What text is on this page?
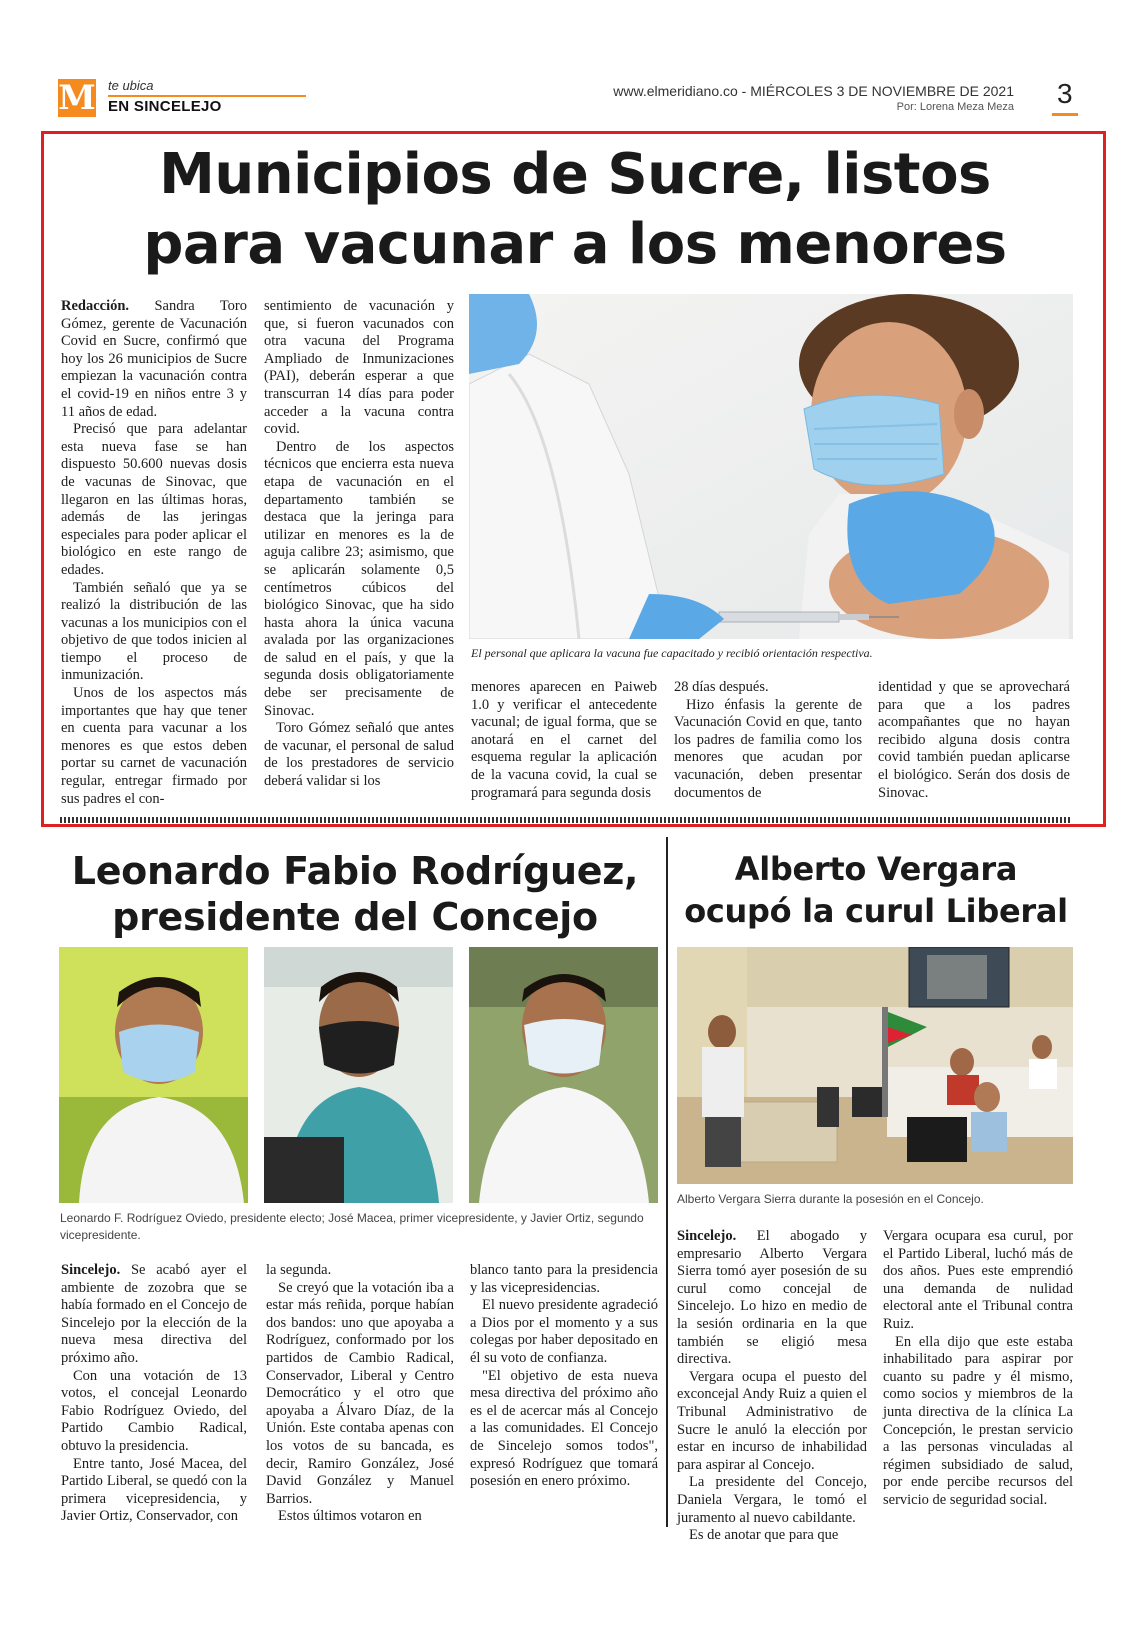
M te ubica
EN SINCELEJO
www.elmeridiano.co - MIÉRCOLES 3 DE NOVIEMBRE DE 2021
Por: Lorena Meza Meza 3
Municipios de Sucre, listos
para vacunar a los menores

Redacción. Sandra Toro Gómez, gerente de Vacunación Covid en Sucre, confirmó que hoy los 26 municipios de Sucre empiezan la vacunación contra el covid-19 en niños entre 3 y 11 años de edad.

Precisó que para adelantar esta nueva fase se han dispuesto 50.600 nuevas dosis de vacunas de Sinovac, que llegaron en las últimas horas, además de las jeringas especiales para poder aplicar el biológico en este rango de edades.

También señaló que ya se realizó la distribución de las vacunas a los municipios con el objetivo de que todos inicien al tiempo el proceso de inmunización.

Unos de los aspectos más importantes que hay que tener en cuenta para vacunar a los menores es que estos deben portar su carnet de vacunación regular, entregar firmado por sus padres el con-

sentimiento de vacunación y que, si fueron vacunados con otra vacuna del Programa Ampliado de Inmunizaciones (PAI), deberán esperar a que transcurran 14 días para poder acceder a la vacuna contra covid.

Dentro de los aspectos técnicos que encierra esta nueva etapa de vacunación en el departamento también se destaca que la jeringa para utilizar en menores es la de aguja calibre 23; asimismo, que se aplicarán solamente 0,5 centímetros cúbicos del biológico Sinovac, que ha sido hasta ahora la única vacuna avalada por las organizaciones de salud en el país, y que la segunda dosis obligatoriamente debe ser precisamente de Sinovac.

Toro Gómez señaló que antes de vacunar, el personal de salud de los prestadores de servicio deberá validar si los

El personal que aplicara la vacuna fue capacitado y recibió orientación respectiva.

menores aparecen en Paiweb 1.0 y verificar el antecedente vacunal; de igual forma, que se anotará en el carnet del esquema regular la aplicación de la vacuna covid, la cual se programará para segunda dosis

28 días después.

Hizo énfasis la gerente de Vacunación Covid en que, tanto los padres de familia como los menores que acudan por vacunación, deben presentar documentos de

identidad y que se aprovechará para que a los padres acompañantes que no hayan recibido alguna dosis contra covid también puedan aplicarse el biológico. Serán dos dosis de Sinovac.

Leonardo Fabio Rodríguez,
presidente del Concejo
Leonardo F. Rodríguez Oviedo, presidente electo; José Macea, primer vicepresidente, y Javier Ortiz, segundo vicepresidente.

Sincelejo. Se acabó ayer el ambiente de zozobra que se había formado en el Concejo de Sincelejo por la elección de la nueva mesa directiva del próximo año.

Con una votación de 13 votos, el concejal Leonardo Fabio Rodríguez Oviedo, del Partido Cambio Radical, obtuvo la presidencia.

Entre tanto, José Macea, del Partido Liberal, se quedó con la primera vicepresidencia, y Javier Ortiz, Conservador, con

la segunda.

Se creyó que la votación iba a estar más reñida, porque habían dos bandos: uno que apoyaba a Rodríguez, conformado por los partidos de Cambio Radical, Conservador, Liberal y Centro Democrático y el otro que apoyaba a Álvaro Díaz, de la Unión. Este contaba apenas con los votos de su bancada, es decir, Ramiro González, José David González y Manuel Barrios.

Estos últimos votaron en

blanco tanto para la presidencia y las vicepresidencias.

El nuevo presidente agradeció a Dios por el momento y a sus colegas por haber depositado en él su voto de confianza.

"El objetivo de esta nueva mesa directiva del próximo año es el de acercar más al Concejo a las comunidades. El Concejo de Sincelejo somos todos", expresó Rodríguez que tomará posesión en enero próximo.

Alberto Vergara
ocupó la curul Liberal
Alberto Vergara Sierra durante la posesión en el Concejo.

Sincelejo. El abogado y empresario Alberto Vergara Sierra tomó ayer posesión de su curul como concejal de Sincelejo. Lo hizo en medio de la sesión ordinaria en la que también se eligió mesa directiva.

Vergara ocupa el puesto del exconcejal Andy Ruiz a quien el Tribunal Administrativo de Sucre le anuló la elección por estar en incurso de inhabilidad para aspirar al Concejo.

La presidente del Concejo, Daniela Vergara, le tomó el juramento al nuevo cabildante.

Es de anotar que para que

Vergara ocupara esa curul, por el Partido Liberal, luchó más de dos años. Pues este emprendió una demanda de nulidad electoral ante el Tribunal contra Ruiz.

En ella dijo que este estaba inhabilitado para aspirar por cuanto su padre y él mismo, como socios y miembros de la junta directiva de la clínica La Concepción, le prestan servicio a las personas vinculadas al régimen subsidiado de salud, por ende percibe recursos del servicio de seguridad social.
